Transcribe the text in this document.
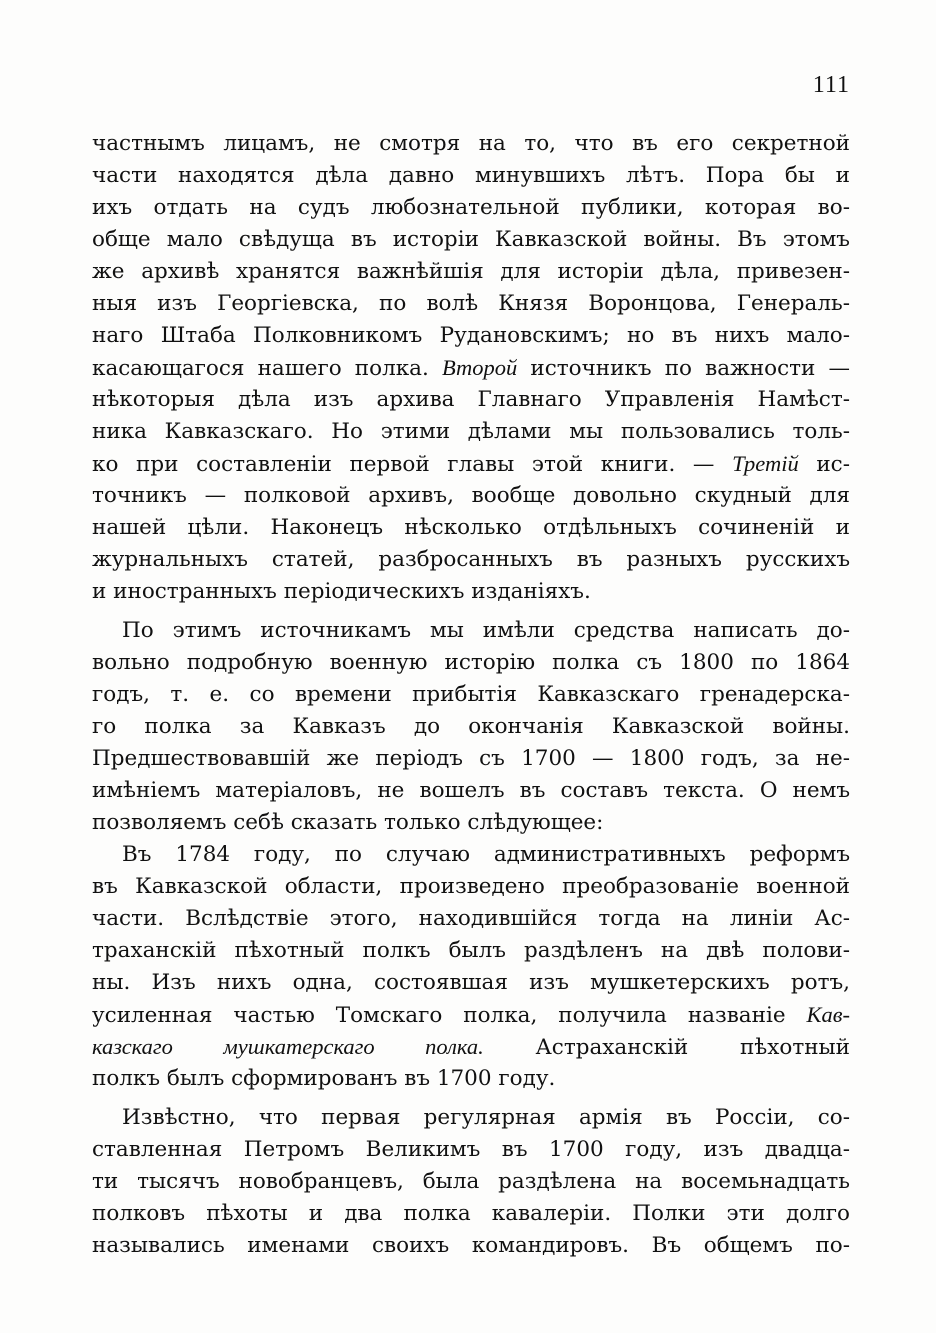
111
частнымъ лицамъ, не смотря на то, что въ его секретной
части находятся дѣла давно минувшихъ лѣтъ. Пора бы и
ихъ отдать на судъ любознательной публики, которая во-
обще мало свѣдуща въ исторіи Кавказской войны. Въ этомъ
же архивѣ хранятся важнѣйшія для исторіи дѣла, привезен-
ныя изъ Георгіевска, по волѣ Князя Воронцова, Генераль-
наго Штаба Полковникомъ Рудановскимъ; но въ нихъ мало-
касающагося нашего полка. Второй источникъ по важности —
нѣкоторыя дѣла изъ архива Главнаго Управленія Намѣст-
ника Кавказскаго. Но этими дѣлами мы пользовались толь-
ко при составленіи первой главы этой книги. — Третій ис-
точникъ — полковой архивъ, вообще довольно скудный для
нашей цѣли. Наконецъ нѣсколько отдѣльныхъ сочиненій и
журнальныхъ статей, разбросанныхъ въ разныхъ русскихъ
и иностранныхъ періодическихъ изданіяхъ.
По этимъ источникамъ мы имѣли средства написать до-
вольно подробную военную исторію полка съ 1800 по 1864
годъ, т. е. со времени прибытія Кавказскаго гренадерска-
го полка за Кавказъ до окончанія Кавказской войны.
Предшествовавшій же періодъ съ 1700 — 1800 годъ, за не-
имѣніемъ матеріаловъ, не вошелъ въ составъ текста. О немъ
позволяемъ себѣ сказать только слѣдующее:
Въ 1784 году, по случаю административныхъ реформъ
въ Кавказской области, произведено преобразованіе военной
части. Вслѣдствіе этого, находившійся тогда на линіи Ас-
траханскій пѣхотный полкъ былъ раздѣленъ на двѣ полови-
ны. Изъ нихъ одна, состоявшая изъ мушкетерскихъ ротъ,
усиленная частью Томскаго полка, получила названіе Кав-
казскаго мушкатерскаго полка. Астраханскій пѣхотный
полкъ былъ сформированъ въ 1700 году.
Извѣстно, что первая регулярная армія въ Россіи, со-
ставленная Петромъ Великимъ въ 1700 году, изъ двадца-
ти тысячъ новобранцевъ, была раздѣлена на восемьнадцать
полковъ пѣхоты и два полка кавалеріи. Полки эти долго
назывались именами своихъ командировъ. Въ общемъ по-
